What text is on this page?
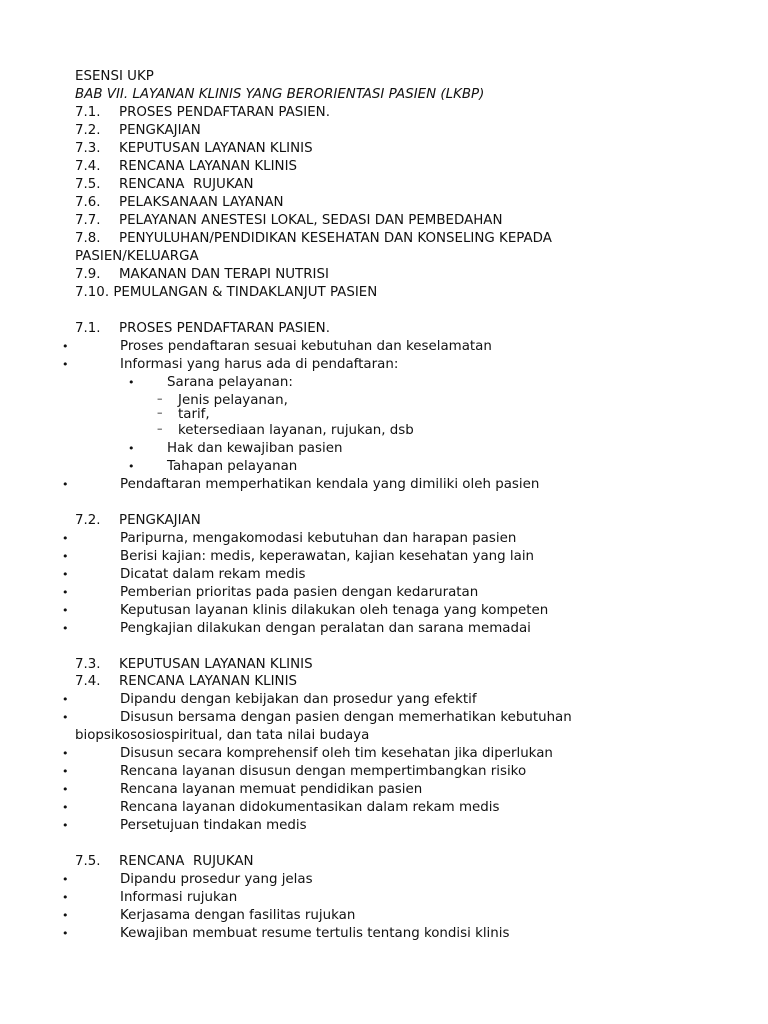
ESENSI UKP
BAB VII. LAYANAN KLINIS YANG BERORIENTASI PASIEN (LKBP)
7.1. PROSES PENDAFTARAN PASIEN.
7.2. PENGKAJIAN
7.3. KEPUTUSAN LAYANAN KLINIS
7.4. RENCANA LAYANAN KLINIS
7.5. RENCANA  RUJUKAN
7.6. PELAKSANAAN LAYANAN
7.7. PELAYANAN ANESTESI LOKAL, SEDASI DAN PEMBEDAHAN
7.8. PENYULUHAN/PENDIDIKAN KESEHATAN DAN KONSELING KEPADA
PASIEN/KELUARGA
7.9. MAKANAN DAN TERAPI NUTRISI
7.10. PEMULANGAN & TINDAKLANJUT PASIEN
7.1. PROSES PENDAFTARAN PASIEN.
•	Proses pendaftaran sesuai kebutuhan dan keselamatan
•	Informasi yang harus ada di pendaftaran:
• Sarana pelayanan:
– Jenis pelayanan,
– tarif,
– ketersediaan layanan, rujukan, dsb
• Hak dan kewajiban pasien
• Tahapan pelayanan
•	Pendaftaran memperhatikan kendala yang dimiliki oleh pasien
7.2. PENGKAJIAN
•	Paripurna, mengakomodasi kebutuhan dan harapan pasien
•	Berisi kajian: medis, keperawatan, kajian kesehatan yang lain
•	Dicatat dalam rekam medis
•	Pemberian prioritas pada pasien dengan kedaruratan
•	Keputusan layanan klinis dilakukan oleh tenaga yang kompeten
•	Pengkajian dilakukan dengan peralatan dan sarana memadai
7.3. KEPUTUSAN LAYANAN KLINIS
7.4. RENCANA LAYANAN KLINIS
•	Dipandu dengan kebijakan dan prosedur yang efektif
•	Disusun bersama dengan pasien dengan memerhatikan kebutuhan
biopsikososiospiritual, dan tata nilai budaya
•	Disusun secara komprehensif oleh tim kesehatan jika diperlukan
•	Rencana layanan disusun dengan mempertimbangkan risiko
•	Rencana layanan memuat pendidikan pasien
•	Rencana layanan didokumentasikan dalam rekam medis
•	Persetujuan tindakan medis
7.5. RENCANA  RUJUKAN
•	Dipandu prosedur yang jelas
•	Informasi rujukan
•	Kerjasama dengan fasilitas rujukan
•	Kewajiban membuat resume tertulis tentang kondisi klinis
